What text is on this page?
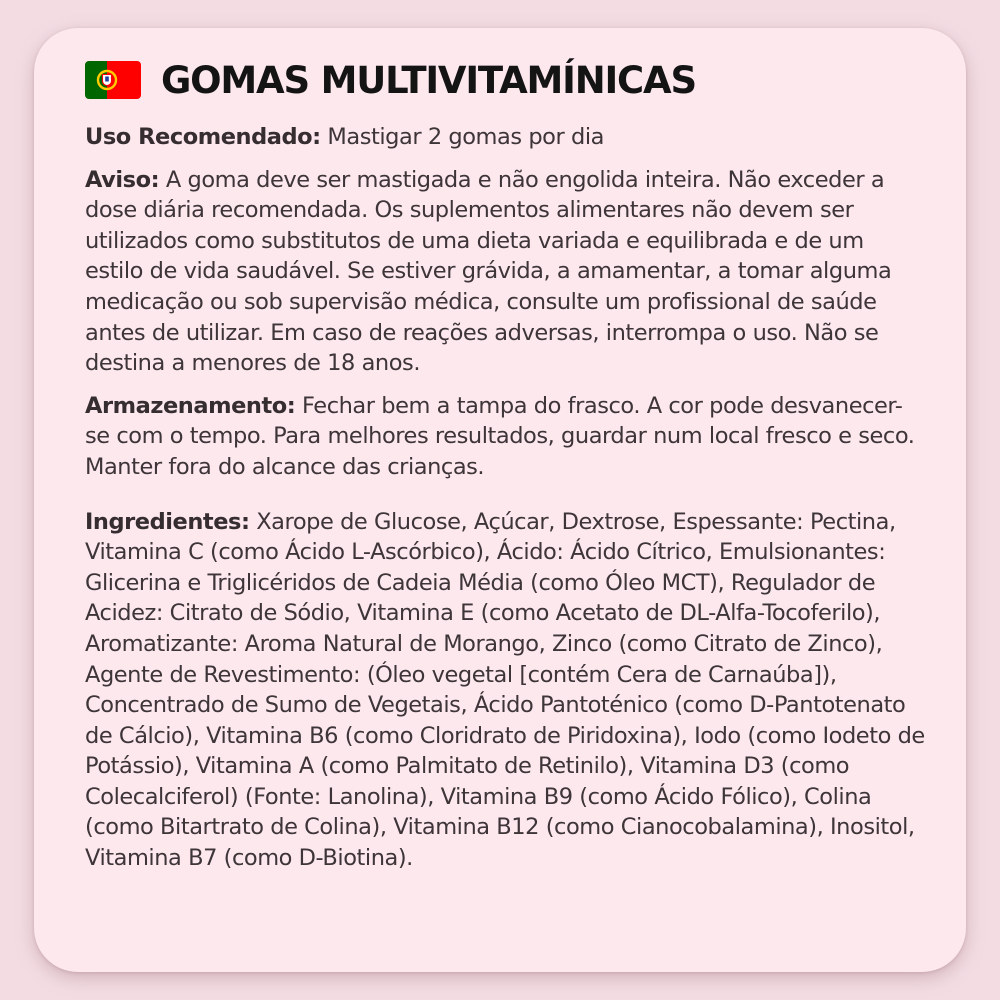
GOMAS MULTIVITAMÍNICAS

Uso Recomendado: Mastigar 2 gomas por dia

Aviso: A goma deve ser mastigada e não engolida inteira. Não exceder a dose diária recomendada. Os suplementos alimentares não devem ser utilizados como substitutos de uma dieta variada e equilibrada e de um estilo de vida saudável. Se estiver grávida, a amamentar, a tomar alguma medicação ou sob supervisão médica, consulte um profissional de saúde antes de utilizar. Em caso de reações adversas, interrompa o uso. Não se destina a menores de 18 anos.

Armazenamento: Fechar bem a tampa do frasco. A cor pode desvanecer-se com o tempo. Para melhores resultados, guardar num local fresco e seco. Manter fora do alcance das crianças.

Ingredientes: Xarope de Glucose, Açúcar, Dextrose, Espessante: Pectina, Vitamina C (como Ácido L-Ascórbico), Ácido: Ácido Cítrico, Emulsionantes: Glicerina e Triglicéridos de Cadeia Média (como Óleo MCT), Regulador de Acidez: Citrato de Sódio, Vitamina E (como Acetato de DL-Alfa-Tocoferilo), Aromatizante: Aroma Natural de Morango, Zinco (como Citrato de Zinco), Agente de Revestimento: (Óleo vegetal [contém Cera de Carnaúba]), Concentrado de Sumo de Vegetais, Ácido Pantoténico (como D-Pantotenato de Cálcio), Vitamina B6 (como Cloridrato de Piridoxina), Iodo (como Iodeto de Potássio), Vitamina A (como Palmitato de Retinilo), Vitamina D3 (como Colecalciferol) (Fonte: Lanolina), Vitamina B9 (como Ácido Fólico), Colina (como Bitartrato de Colina), Vitamina B12 (como Cianocobalamina), Inositol, Vitamina B7 (como D-Biotina).
